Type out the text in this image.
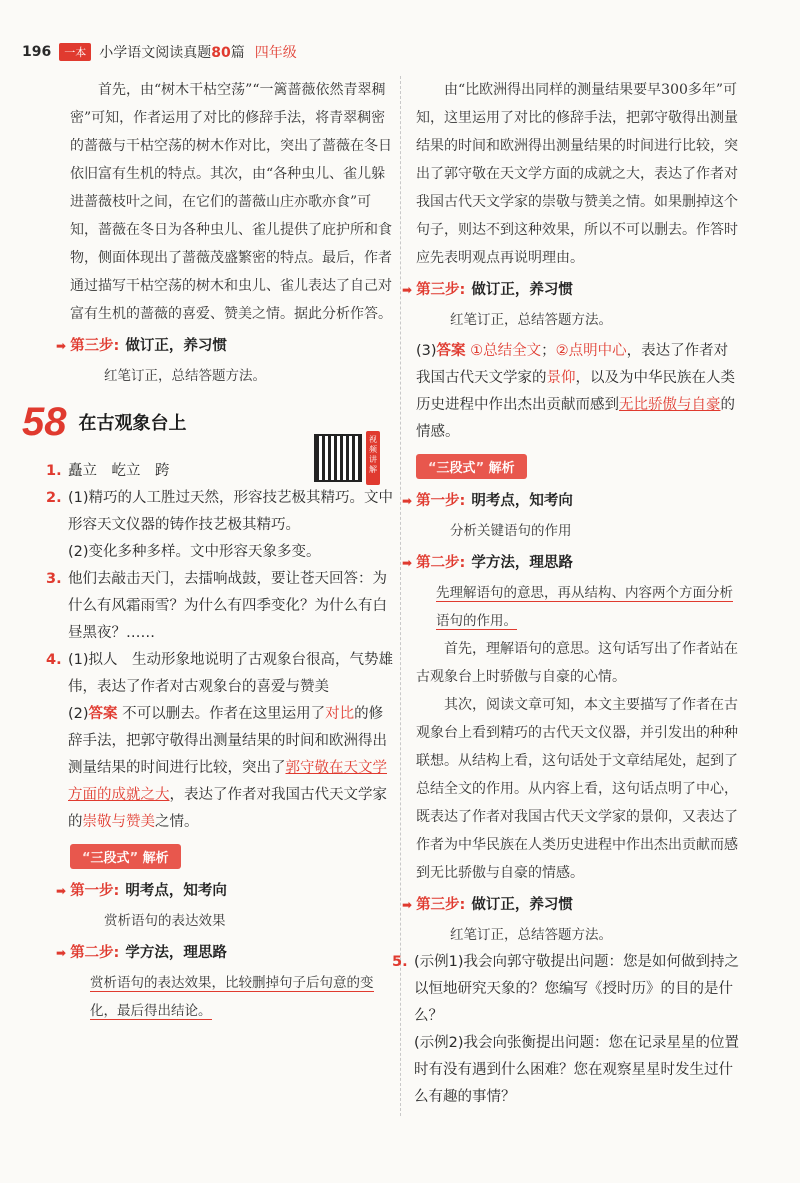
196	一本 小学语文阅读真题80篇 四年级

首先，由“树木干枯空荡”“一篱蔷薇依然青翠稠密”可知，作者运用了对比的修辞手法，将青翠稠密的蔷薇与干枯空荡的树木作对比，突出了蔷薇在冬日依旧富有生机的特点。其次，由“各种虫儿、雀儿躲进蔷薇枝叶之间，在它们的蔷薇山庄亦歌亦食”可知，蔷薇在冬日为各种虫儿、雀儿提供了庇护所和食物，侧面体现出了蔷薇茂盛繁密的特点。最后，作者通过描写干枯空荡的树木和虫儿、雀儿表达了自己对富有生机的蔷薇的喜爱、赞美之情。据此分析作答。

➡ 第三步: 做订正，养习惯

红笔订正，总结答题方法。

58 在古观象台上
视频讲解
1. 矗立　屹立　跨
2. (1)精巧的人工胜过天然，形容技艺极其精巧。文中形容天文仪器的铸作技艺极其精巧。

(2)变化多种多样。文中形容天象多变。

3. 他们去敲击天门，去擂响战鼓，要让苍天回答：为什么有风霜雨雪？为什么有四季变化？为什么有白昼黑夜？……
4. (1)拟人　生动形象地说明了古观象台很高，气势雄伟，表达了作者对古观象台的喜爱与赞美

(2)答案 不可以删去。作者在这里运用了对比的修辞手法，把郭守敬得出测量结果的时间和欧洲得出测量结果的时间进行比较，突出了郭守敬在天文学方面的成就之大，表达了作者对我国古代天文学家的崇敬与赞美之情。

“三段式” 解析
➡ 第一步: 明考点，知考向

赏析语句的表达效果

➡ 第二步: 学方法，理思路

赏析语句的表达效果，比较删掉句子后句意的变化，最后得出结论。

由“比欧洲得出同样的测量结果要早300多年”可知，这里运用了对比的修辞手法，把郭守敬得出测量结果的时间和欧洲得出测量结果的时间进行比较，突出了郭守敬在天文学方面的成就之大，表达了作者对我国古代天文学家的崇敬与赞美之情。如果删掉这个句子，则达不到这种效果，所以不可以删去。作答时应先表明观点再说明理由。

➡ 第三步: 做订正，养习惯

红笔订正，总结答题方法。

(3)答案 ①总结全文；②点明中心，表达了作者对我国古代天文学家的景仰，以及为中华民族在人类历史进程中作出杰出贡献而感到无比骄傲与自豪的情感。

“三段式” 解析
➡ 第一步: 明考点，知考向

分析关键语句的作用

➡ 第二步: 学方法，理思路

先理解语句的意思，再从结构、内容两个方面分析语句的作用。

首先，理解语句的意思。这句话写出了作者站在古观象台上时骄傲与自豪的心情。

其次，阅读文章可知，本文主要描写了作者在古观象台上看到精巧的古代天文仪器，并引发出的种种联想。从结构上看，这句话处于文章结尾处，起到了总结全文的作用。从内容上看，这句话点明了中心，既表达了作者对我国古代天文学家的景仰，又表达了作者为中华民族在人类历史进程中作出杰出贡献而感到无比骄傲与自豪的情感。

➡ 第三步: 做订正，养习惯

红笔订正，总结答题方法。

5. (示例1)我会向郭守敬提出问题：您是如何做到持之以恒地研究天象的？您编写《授时历》的目的是什么？

(示例2)我会向张衡提出问题：您在记录星星的位置时有没有遇到什么困难？您在观察星星时发生过什么有趣的事情？
